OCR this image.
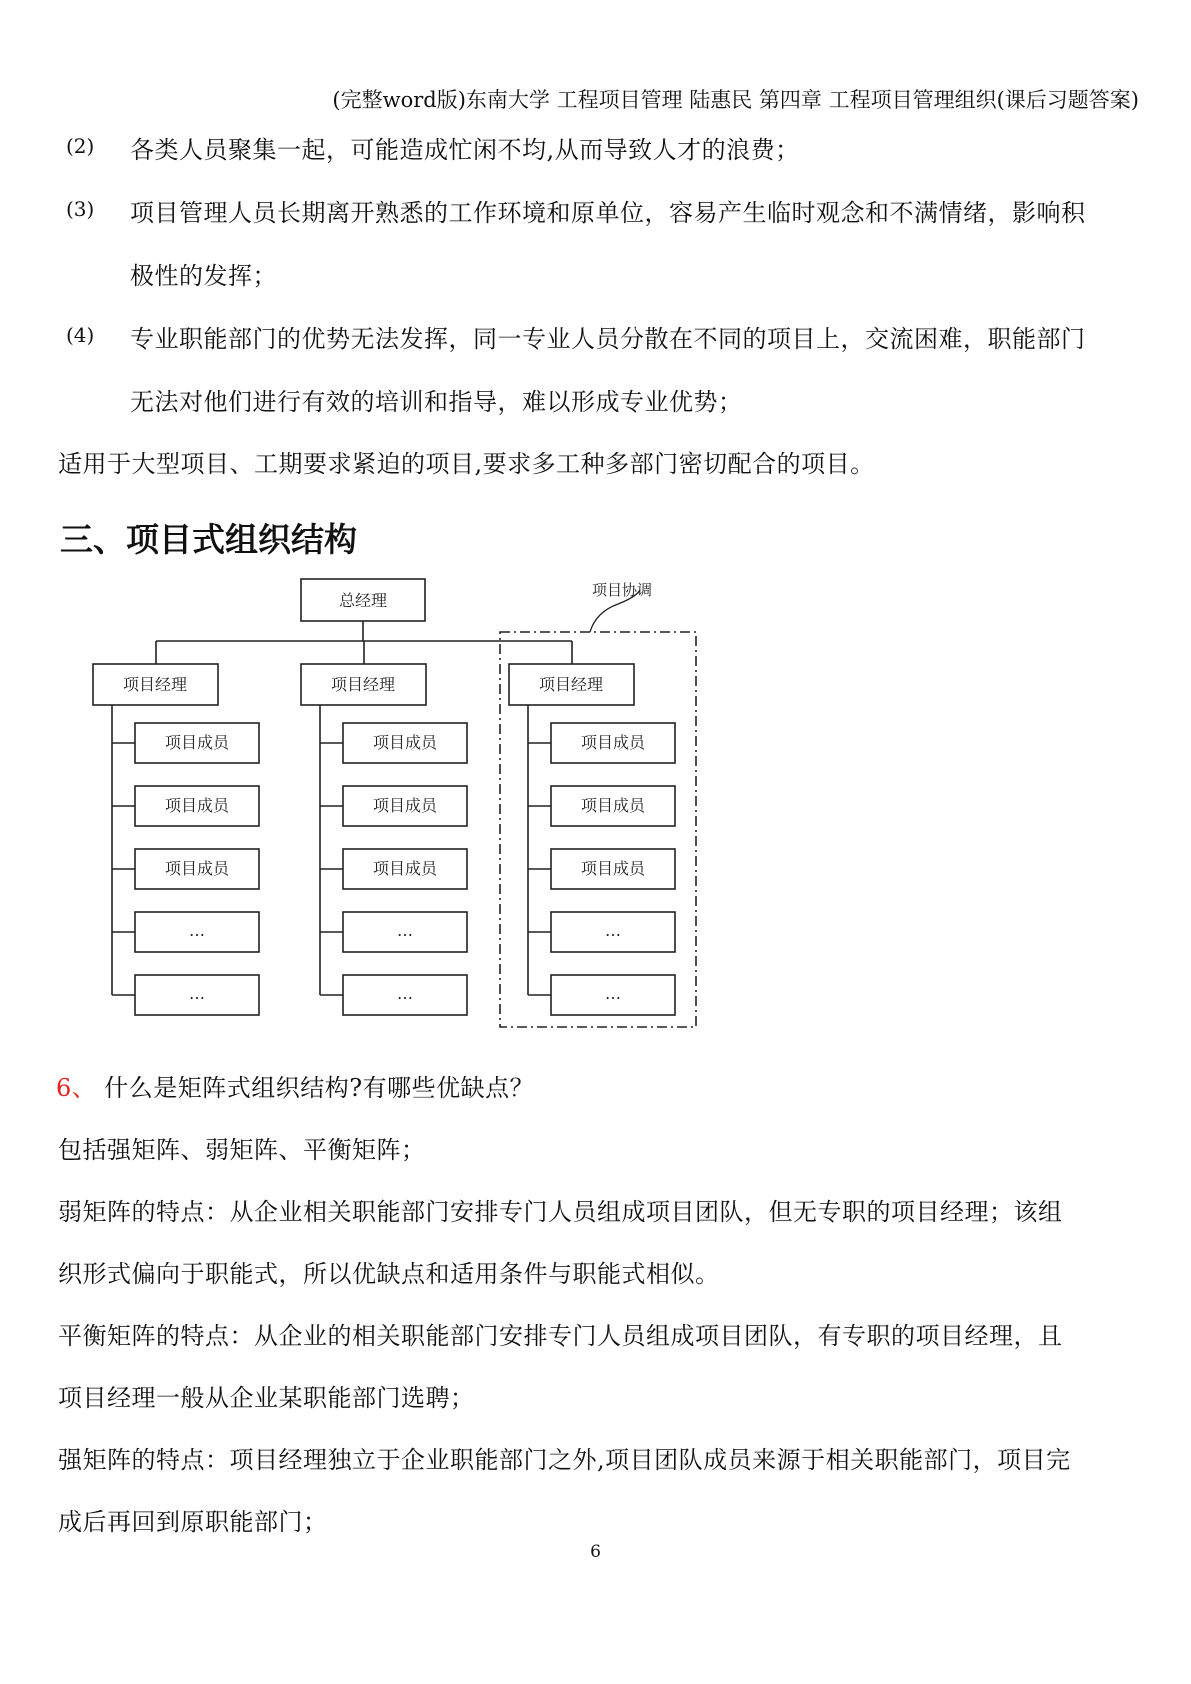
(完整word版)东南大学 工程项目管理 陆惠民 第四章 工程项目管理组织(课后习题答案)
(2) 各类人员聚集一起，可能造成忙闲不均,从而导致人才的浪费；
(3) 项目管理人员长期离开熟悉的工作环境和原单位，容易产生临时观念和不满情绪，影响积
极性的发挥；
(4) 专业职能部门的优势无法发挥，同一专业人员分散在不同的项目上，交流困难，职能部门
无法对他们进行有效的培训和指导，难以形成专业优势；
适用于大型项目、工期要求紧迫的项目,要求多工种多部门密切配合的项目。
三、项目式组织结构
总经理
项目协调
项目经理	项目经理	项目经理
项目成员
项目成员
项目成员
…
…
项目成员
项目成员
项目成员
…
…
项目成员
项目成员
项目成员
…
…
6、 什么是矩阵式组织结构?有哪些优缺点？
包括强矩阵、弱矩阵、平衡矩阵；
弱矩阵的特点：从企业相关职能部门安排专门人员组成项目团队，但无专职的项目经理；该组
织形式偏向于职能式，所以优缺点和适用条件与职能式相似。
平衡矩阵的特点：从企业的相关职能部门安排专门人员组成项目团队，有专职的项目经理，且
项目经理一般从企业某职能部门选聘；
强矩阵的特点：项目经理独立于企业职能部门之外,项目团队成员来源于相关职能部门，项目完
成后再回到原职能部门；
6
